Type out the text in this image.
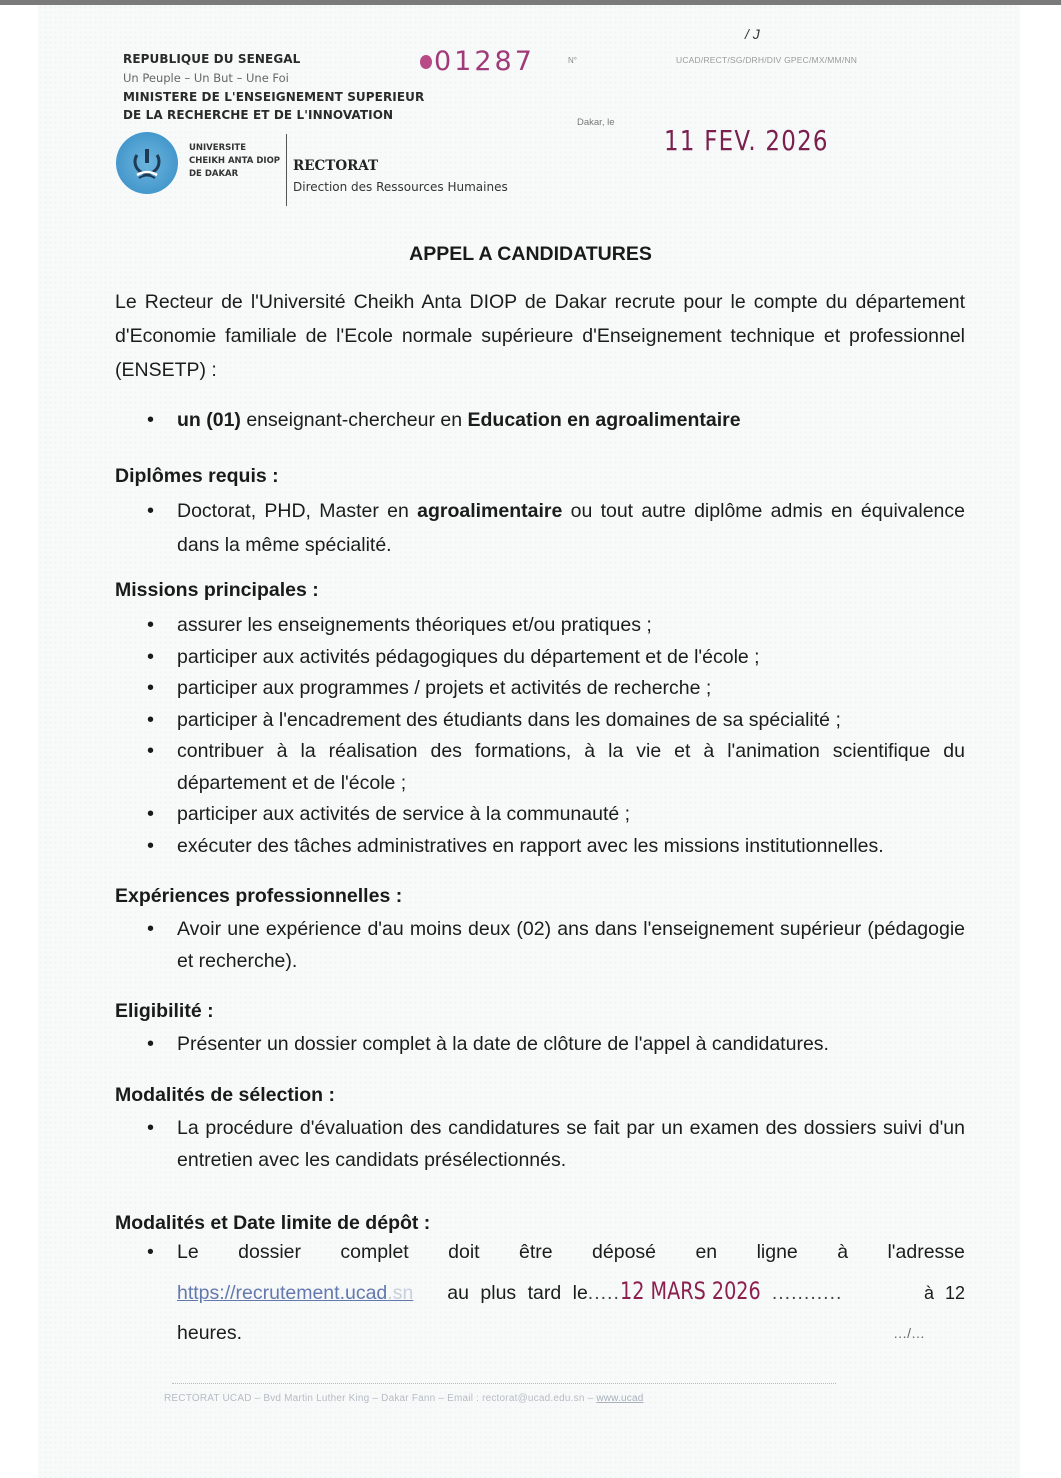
REPUBLIQUE DU SENEGAL
Un Peuple – Un But – Une Foi
MINISTERE DE L'ENSEIGNEMENT SUPERIEUR
DE LA RECHERCHE ET DE L'INNOVATION
UNIVERSITE
CHEIKH ANTA DIOP
DE DAKAR	RECTORAT
Direction des Ressources Humaines
01287	N°
/ J
UCAD/RECT/SG/DRH/DIV GPEC/MX/MM/NN
Dakar, le
11 FEV. 2026
APPEL A CANDIDATURES

Le Recteur de l'Université Cheikh Anta DIOP de Dakar recrute pour le compte du département d'Economie familiale de l'Ecole normale supérieure d'Enseignement technique et professionnel (ENSETP) :

• un (01) enseignant-chercheur en Education en agroalimentaire
Diplômes requis :
• Doctorat, PHD, Master en agroalimentaire ou tout autre diplôme admis en équivalence dans la même spécialité.
Missions principales :
• assurer les enseignements théoriques et/ou pratiques ;
• participer aux activités pédagogiques du département et de l'école ;
• participer aux programmes / projets et activités de recherche ;
• participer à l'encadrement des étudiants dans les domaines de sa spécialité ;
• contribuer à la réalisation des formations, à la vie et à l'animation scientifique du département et de l'école ;
• participer aux activités de service à la communauté ;
• exécuter des tâches administratives en rapport avec les missions institutionnelles.
Expériences professionnelles :
• Avoir une expérience d'au moins deux (02) ans dans l'enseignement supérieur (pédagogie et recherche).
Eligibilité :
• Présenter un dossier complet à la date de clôture de l'appel à candidatures.
Modalités de sélection :
• La procédure d'évaluation des candidatures se fait par un examen des dossiers suivi d'un entretien avec les candidats présélectionnés.
Modalités et Date limite de dépôt :
• Le dossier complet doit être déposé en ligne à l'adresse
https://recrutement.ucad.sn au plus tard le ..... 12 MARS 2026 ...........	à 12
heures.	…/…
RECTORAT UCAD – Bvd Martin Luther King – Dakar Fann – Email : rectorat@ucad.edu.sn – www.ucad
